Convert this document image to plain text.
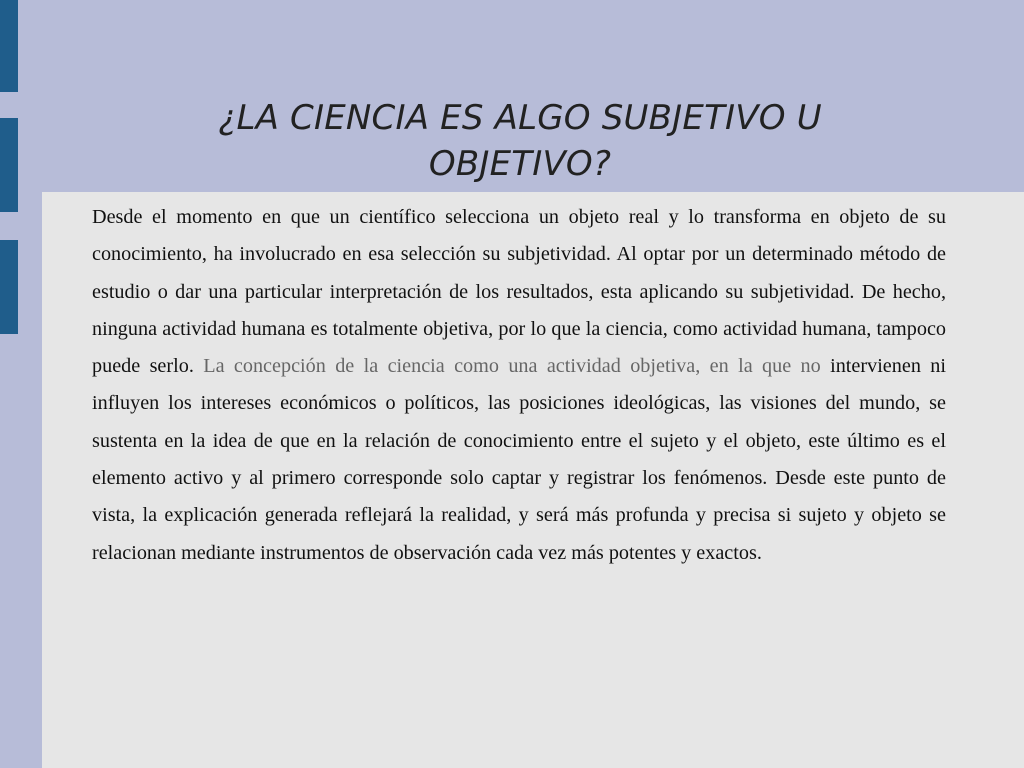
¿LA CIENCIA ES ALGO SUBJETIVO U
OBJETIVO?
Desde el momento en que un científico selecciona un objeto real y lo transforma en objeto de su conocimiento, ha involucrado en esa selección su subjetividad. Al optar por un determinado método de estudio o dar una particular interpretación de los resultados, esta aplicando su subjetividad. De hecho, ninguna actividad humana es totalmente objetiva, por lo que la ciencia, como actividad humana, tampoco puede serlo. La concepción de la ciencia como una actividad objetiva, en la que no intervienen ni influyen los intereses económicos o políticos, las posiciones ideológicas, las visiones del mundo, se sustenta en la idea de que en la relación de conocimiento entre el sujeto y el objeto, este último es el elemento activo y al primero corresponde solo captar y registrar los fenómenos. Desde este punto de vista, la explicación generada reflejará la realidad, y será más profunda y precisa si sujeto y objeto se relacionan mediante instrumentos de observación cada vez más potentes y exactos.
